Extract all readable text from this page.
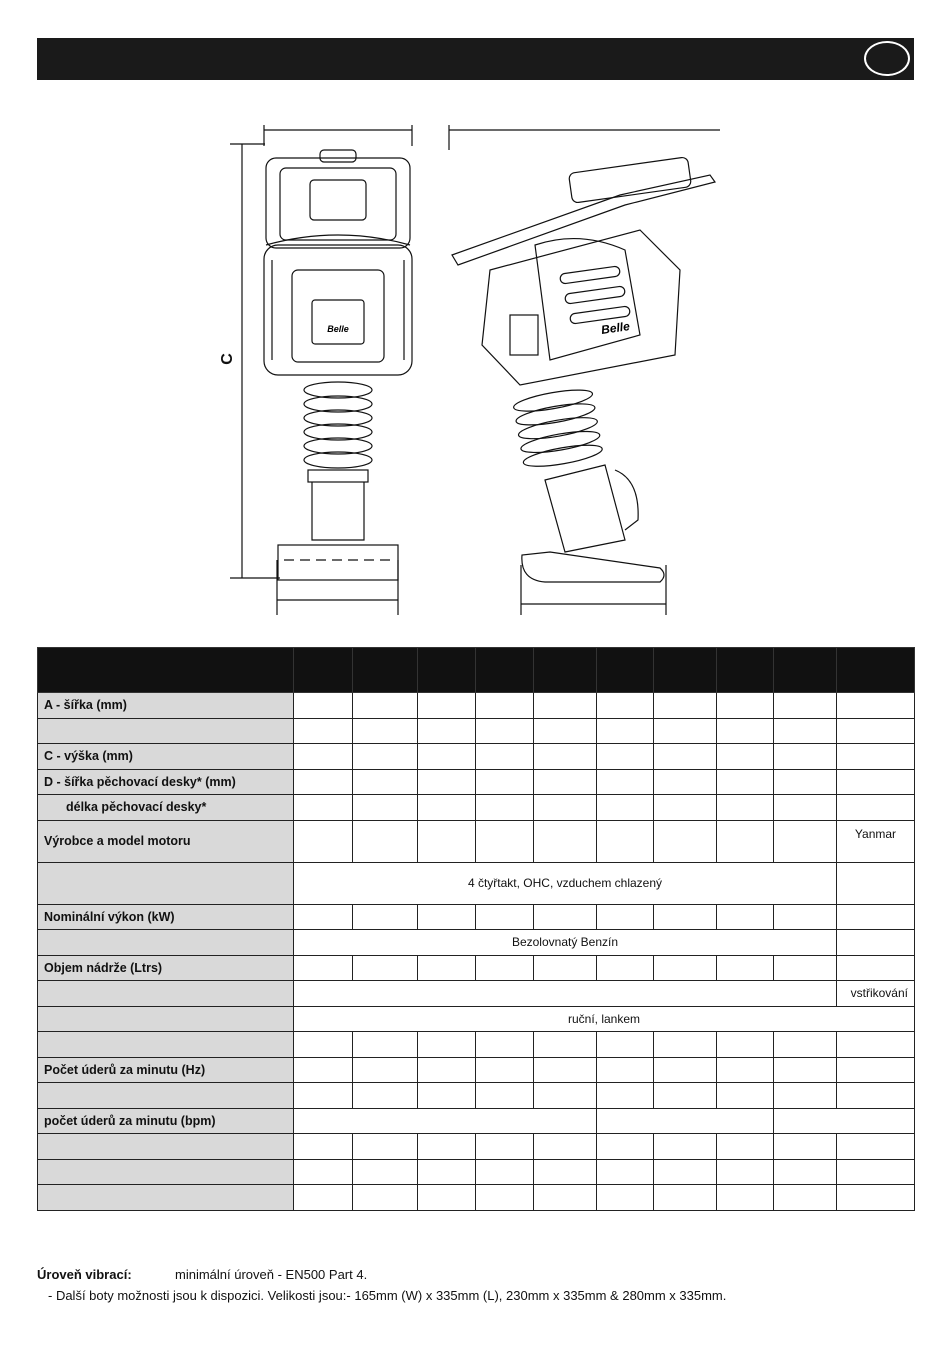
Belle	Belle
C

A - šířka (mm)										

C - výška (mm)										
D - šířka pěchovací desky* (mm)										
délka pěchovací desky*										
Výrobce a model motoru										Yanmar
	4 čtyřtakt, OHC, vzduchem chlazený									
Nominální výkon (kW)										
	Bezolovnatý Benzín									
Objem nádrže (Ltrs)										
										vstřikování
	ruční, lankem									

Počet úderů za minutu (Hz)										

počet úderů za minutu (bpm)										

Úroveň vibrací:	minimální úroveň - EN500 Part 4.
- Další boty možnosti jsou k dispozici. Velikosti jsou:- 165mm (W) x 335mm (L), 230mm x 335mm & 280mm x 335mm.
